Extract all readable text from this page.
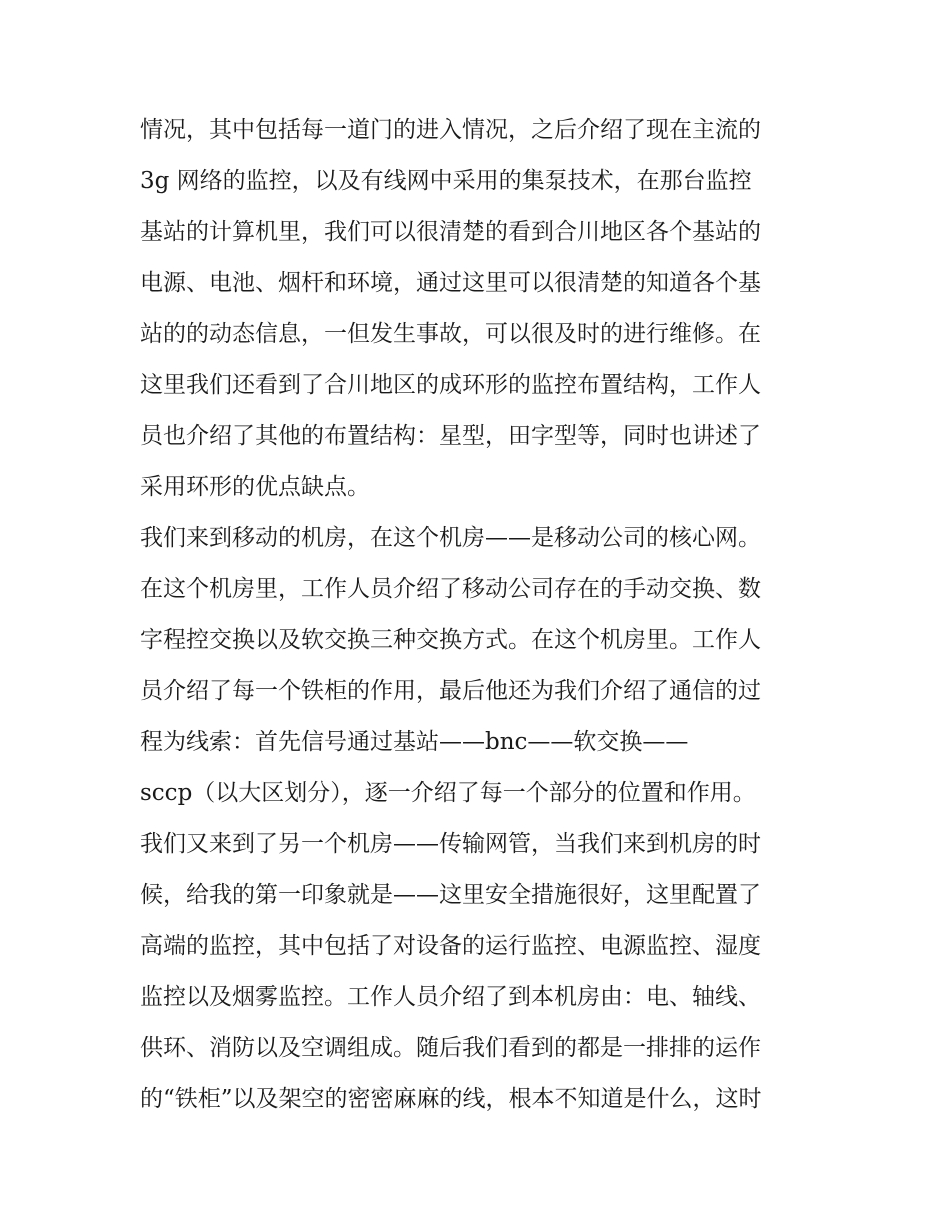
情况，其中包括每一道门的进入情况，之后介绍了现在主流的
3g 网络的监控，以及有线网中采用的集泵技术，在那台监控
基站的计算机里，我们可以很清楚的看到合川地区各个基站的
电源、电池、烟杆和环境，通过这里可以很清楚的知道各个基
站的的动态信息，一但发生事故，可以很及时的进行维修。在
这里我们还看到了合川地区的成环形的监控布置结构，工作人
员也介绍了其他的布置结构：星型，田字型等，同时也讲述了
采用环形的优点缺点。
我们来到移动的机房，在这个机房——是移动公司的核心网。
在这个机房里，工作人员介绍了移动公司存在的手动交换、数
字程控交换以及软交换三种交换方式。在这个机房里。工作人
员介绍了每一个铁柜的作用，最后他还为我们介绍了通信的过
程为线索：首先信号通过基站——bnc——软交换——
sccp（以大区划分），逐一介绍了每一个部分的位置和作用。
我们又来到了另一个机房——传输网管，当我们来到机房的时
候，给我的第一印象就是——这里安全措施很好，这里配置了
高端的监控，其中包括了对设备的运行监控、电源监控、湿度
监控以及烟雾监控。工作人员介绍了到本机房由：电、轴线、
供环、消防以及空调组成。随后我们看到的都是一排排的运作
的“铁柜”以及架空的密密麻麻的线，根本不知道是什么，这时
